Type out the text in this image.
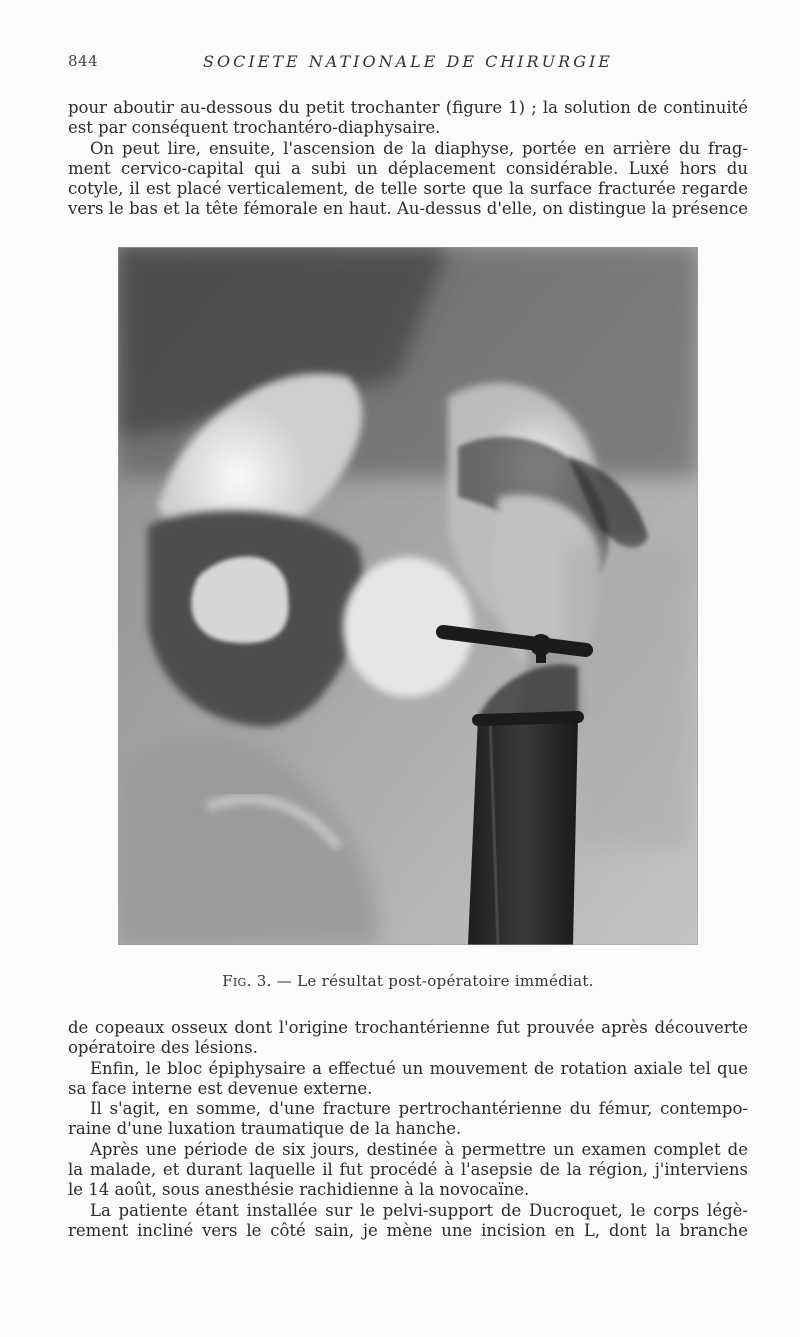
844	SOCIETE NATIONALE DE CHIRURGIE
pour aboutir au-dessous du petit trochanter (figure 1) ; la solution de continuité
est par conséquent trochantéro-diaphysaire.
On peut lire, ensuite, l'ascension de la diaphyse, portée en arrière du frag-
ment cervico-capital qui a subi un déplacement considérable. Luxé hors du
cotyle, il est placé verticalement, de telle sorte que la surface fracturée regarde
vers le bas et la tête fémorale en haut. Au-dessus d'elle, on distingue la présence
Fig. 3. — Le résultat post-opératoire immédiat.
de copeaux osseux dont l'origine trochantérienne fut prouvée après découverte
opératoire des lésions.
Enfin, le bloc épiphysaire a effectué un mouvement de rotation axiale tel que
sa face interne est devenue externe.
Il s'agit, en somme, d'une fracture pertrochantérienne du fémur, contempo-
raine d'une luxation traumatique de la hanche.
Après une période de six jours, destinée à permettre un examen complet de
la malade, et durant laquelle il fut procédé à l'asepsie de la région, j'interviens
le 14 août, sous anesthésie rachidienne à la novocaïne.
La patiente étant installée sur le pelvi-support de Ducroquet, le corps légè-
rement incliné vers le côté sain, je mène une incision en L, dont la branche
